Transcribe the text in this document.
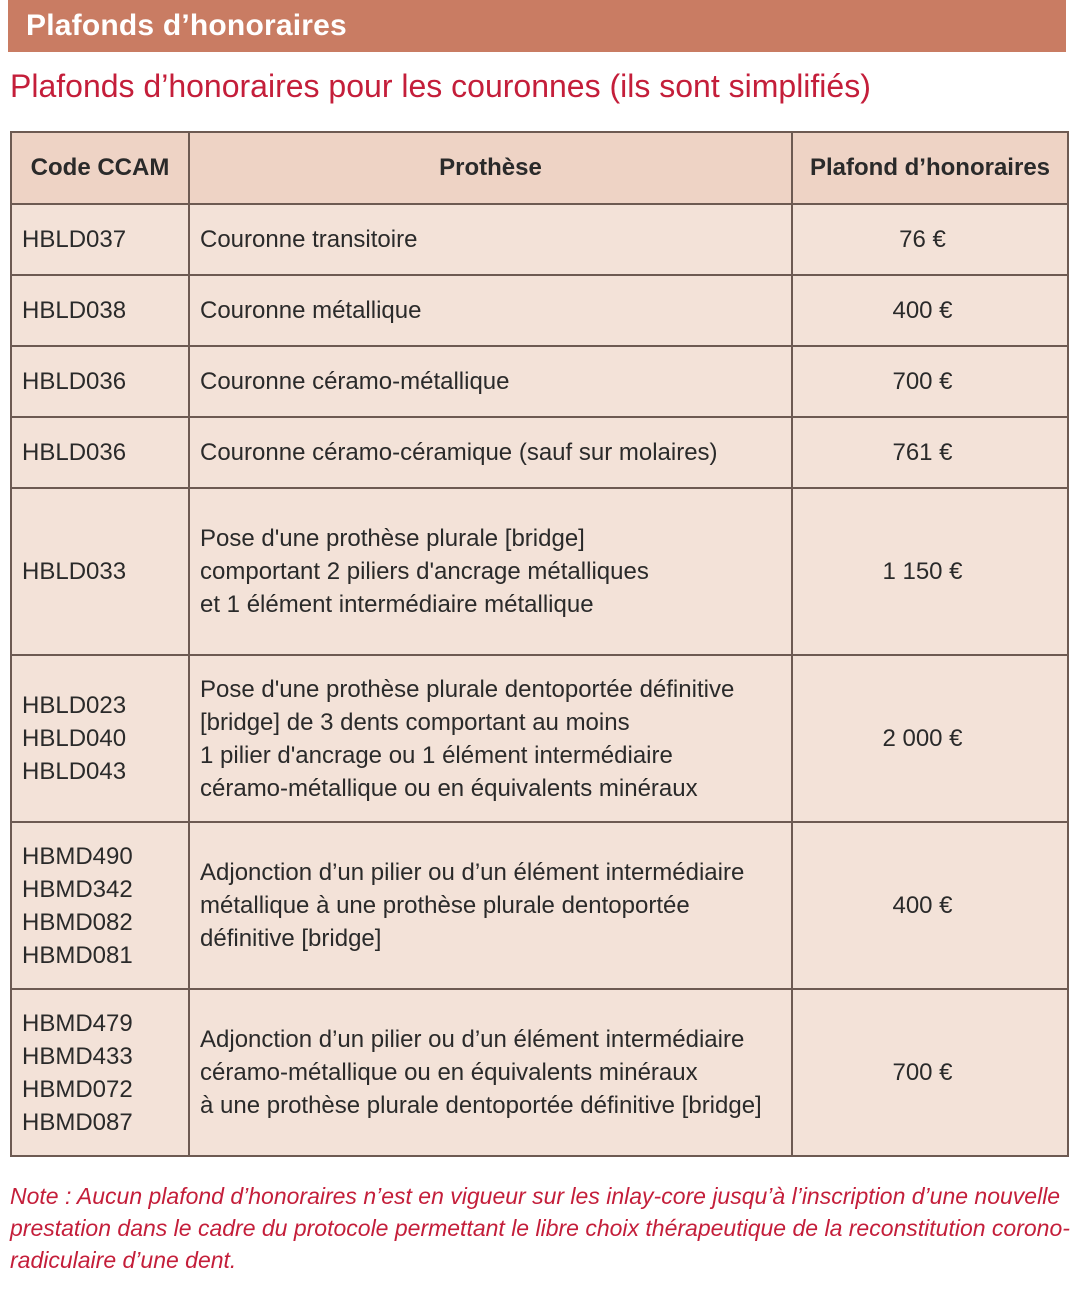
Plafonds d’honoraires
Plafonds d’honoraires pour les couronnes (ils sont simplifiés)
Code CCAM	Prothèse	Plafond d’honoraires

HBLD037	Couronne transitoire	76 €

HBLD038	Couronne métallique	400 €

HBLD036	Couronne céramo-métallique	700 €

HBLD036	Couronne céramo-céramique (sauf sur molaires)	761 €

HBLD033	Pose d'une prothèse plurale [bridge]
comportant 2 piliers d'ancrage métalliques
et 1 élément intermédiaire métallique	1 150 €

HBLD023
HBLD040
HBLD043	Pose d'une prothèse plurale dentoportée définitive
[bridge] de 3 dents comportant au moins
1 pilier d'ancrage ou 1 élément intermédiaire
céramo-métallique ou en équivalents minéraux	2 000 €

HBMD490
HBMD342
HBMD082
HBMD081	Adjonction d’un pilier ou d’un élément intermédiaire
métallique à une prothèse plurale dentoportée
définitive [bridge]	400 €

HBMD479
HBMD433
HBMD072
HBMD087	Adjonction d’un pilier ou d’un élément intermédiaire
céramo-métallique ou en équivalents minéraux
à une prothèse plurale dentoportée définitive [bridge]	700 €
Note : Aucun plafond d’honoraires n’est en vigueur sur les inlay-core jusqu’à l’inscription d’une nouvelle prestation dans le cadre du protocole permettant le libre choix thérapeutique de la reconstitution corono-radiculaire d’une dent.
